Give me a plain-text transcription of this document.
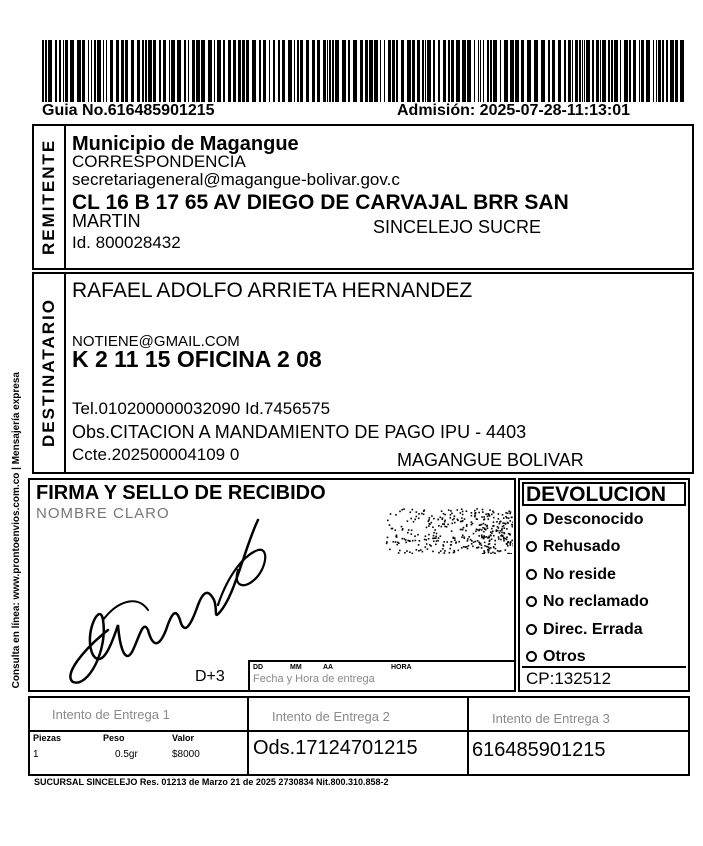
Guia No.616485901215	Admisión: 2025-07-28-11:13:01
REMITENTE Municipio de Magangue
CORRESPONDENCIA
secretariageneral@magangue-bolivar.gov.c
CL 16 B 17 65 AV DIEGO DE CARVAJAL BRR SAN
MARTIN	SINCELEJO SUCRE
Id. 800028432
DESTINATARIO
RAFAEL ADOLFO ARRIETA HERNANDEZ
NOTIENE@GMAIL.COM
K 2 11 15 OFICINA 2 08
Tel.010200000032090 Id.7456575
Obs.CITACION A MANDAMIENTO DE PAGO IPU - 4403
Ccte.202500004109 0	MAGANGUE BOLIVAR
Consulta en línea: www.prontoenvios.com.co | Mensajería expresa FIRMA Y SELLO DE RECIBIDO
NOMBRE CLARO
D+3
DD	MM	AA	HORA
Fecha y Hora de entrega
DEVOLUCION
Desconocido
Rehusado
No reside
No reclamado
Direc. Errada
Otros
CP:132512
Intento de Entrega 1	Intento de Entrega 2	Intento de Entrega 3
Piezas	Peso	Valor
1	0.5gr	$8000	Ods.17124701215	616485901215
SUCURSAL SINCELEJO Res. 01213 de Marzo 21 de 2025 2730834 Nit.800.310.858-2
